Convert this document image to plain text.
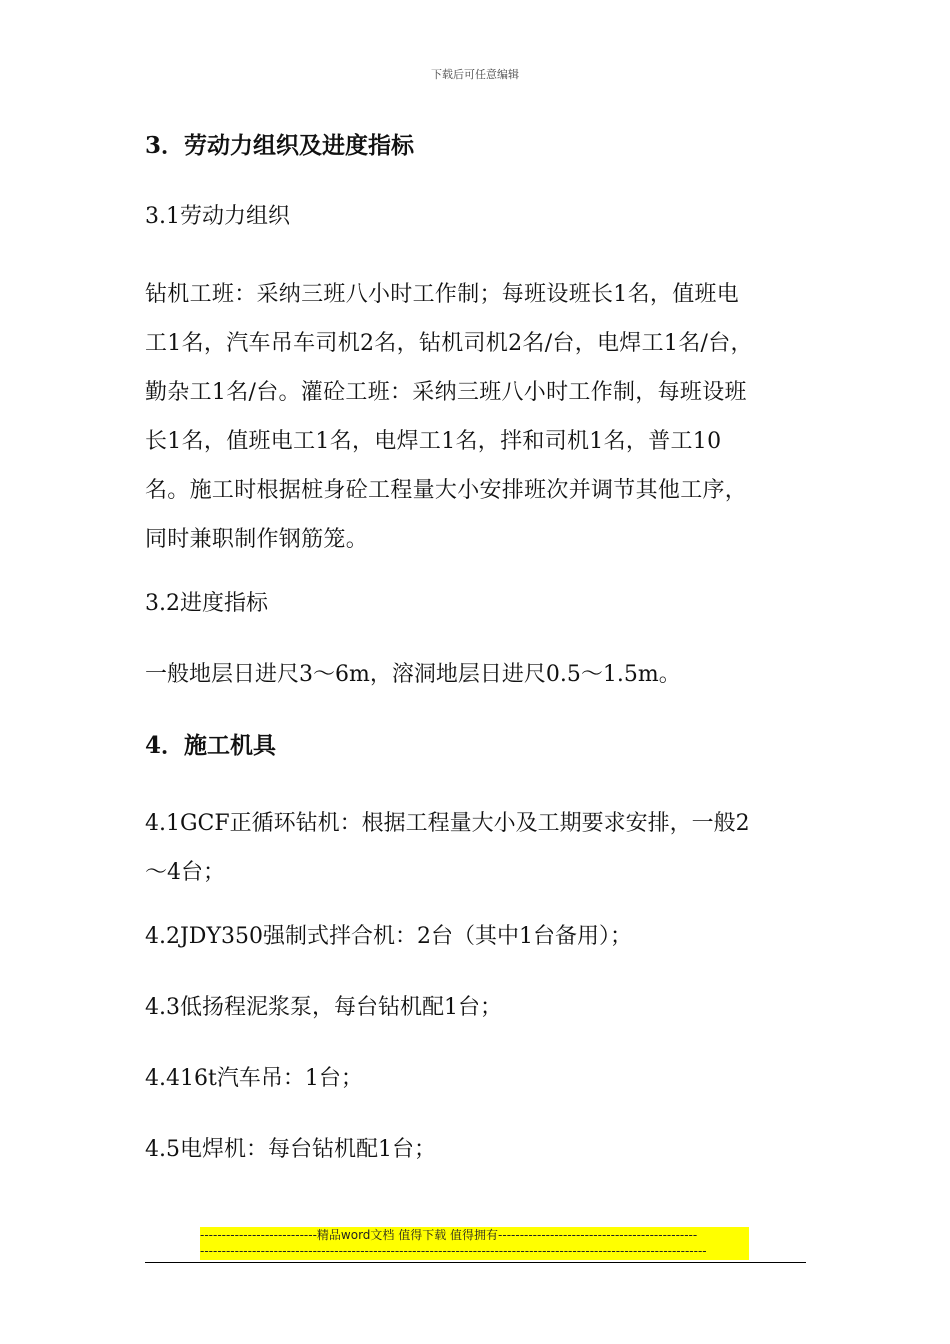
下载后可任意编辑
3．劳动力组织及进度指标
3.1劳动力组织
钻机工班：采纳三班八小时工作制；每班设班长1名，值班电
工1名，汽车吊车司机2名，钻机司机2名/台，电焊工1名/台，
勤杂工1名/台。灌砼工班：采纳三班八小时工作制，每班设班
长1名，值班电工1名，电焊工1名，拌和司机1名，普工10
名。施工时根据桩身砼工程量大小安排班次并调节其他工序，
同时兼职制作钢筋笼。
3.2进度指标
一般地层日进尺3～6m，溶洞地层日进尺0.5～1.5m。
4．施工机具
4.1GCF正循环钻机：根据工程量大小及工期要求安排，一般2
～4台；
4.2JDY350强制式拌合机：2台（其中1台备用）；
4.3低扬程泥浆泵，每台钻机配1台；
4.416t汽车吊：1台；
4.5电焊机：每台钻机配1台；
---------------------------精品word文档 值得下载 值得拥有----------------------------------------------
---------------------------------------------------------------------------------------------------------------------
